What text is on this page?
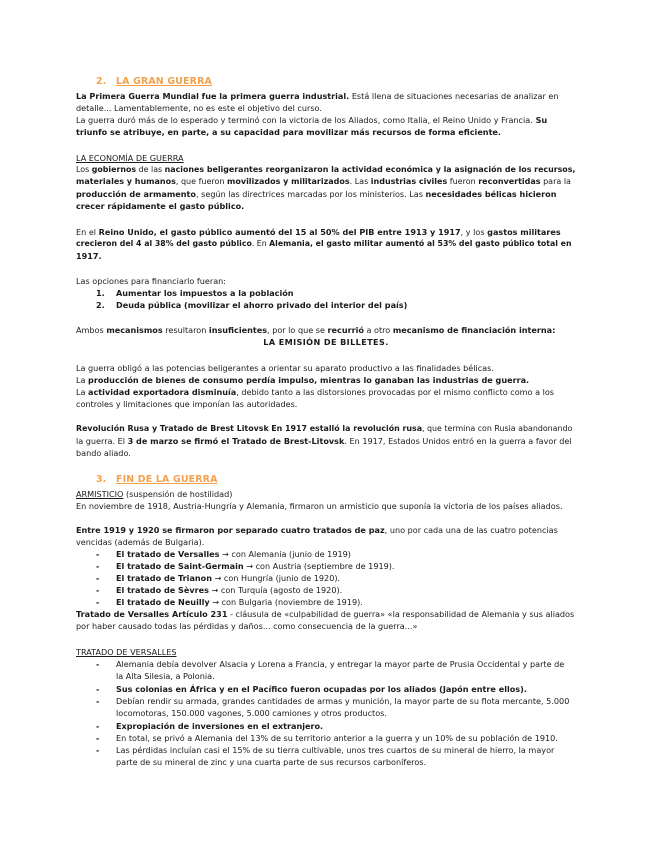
2. LA GRAN GUERRA
La Primera Guerra Mundial fue la primera guerra industrial. Está llena de situaciones necesarias de analizar en
detalle... Lamentablemente, no es este el objetivo del curso.
La guerra duró más de lo esperado y terminó con la victoria de los Aliados, como Italia, el Reino Unido y Francia. Su
triunfo se atribuye, en parte, a su capacidad para movilizar más recursos de forma eficiente.
LA ECONOMÍA DE GUERRA
Los gobiernos de las naciones beligerantes reorganizaron la actividad económica y la asignación de los recursos,
materiales y humanos, que fueron movilizados y militarizados. Las industrias civiles fueron reconvertidas para la
producción de armamento, según las directrices marcadas por los ministerios. Las necesidades bélicas hicieron
crecer rápidamente el gasto público.
En el Reino Unido, el gasto público aumentó del 15 al 50% del PIB entre 1913 y 1917, y los gastos militares
crecieron del 4 al 38% del gasto público. En Alemania, el gasto militar aumentó al 53% del gasto público total en
1917.
Las opciones para financiarlo fueran:
1. Aumentar los impuestos a la población
2. Deuda pública (movilizar el ahorro privado del interior del país)
Ambos mecanismos resultaron insuficientes, por lo que se recurrió a otro mecanismo de financiación interna:
LA EMISIÓN DE BILLETES.
La guerra obligó a las potencias beligerantes a orientar su aparato productivo a las finalidades bélicas.
La producción de bienes de consumo perdía impulso, mientras lo ganaban las industrias de guerra.
La actividad exportadora disminuía, debido tanto a las distorsiones provocadas por el mismo conflicto como a los
controles y limitaciones que imponían las autoridades.
Revolución Rusa y Tratado de Brest Litovsk En 1917 estalló la revolución rusa, que termina con Rusia abandonando
la guerra. El 3 de marzo se firmó el Tratado de Brest-Litovsk. En 1917, Estados Unidos entró en la guerra a favor del
bando aliado.
3. FIN DE LA GUERRA
ARMISTICIO (suspensión de hostilidad)
En noviembre de 1918, Austria-Hungría y Alemania, firmaron un armisticio que suponía la victoria de los países aliados.
Entre 1919 y 1920 se firmaron por separado cuatro tratados de paz, uno por cada una de las cuatro potencias
vencidas (además de Bulgaria).
- El tratado de Versalles → con Alemania (junio de 1919)
- El tratado de Saint-Germain → con Austria (septiembre de 1919).
- El tratado de Trianon → con Hungría (junio de 1920).
- El tratado de Sèvres → con Turquía (agosto de 1920).
- El tratado de Neuilly → con Bulgaria (noviembre de 1919).
Tratado de Versalles Artículo 231 - cláusula de «culpabilidad de guerra» «la responsabilidad de Alemania y sus aliados
por haber causado todas las pérdidas y daños... como consecuencia de la guerra...»
TRATADO DE VERSALLES
- Alemania debía devolver Alsacia y Lorena a Francia, y entregar la mayor parte de Prusia Occidental y parte de
la Alta Silesia, a Polonia.
- Sus colonias en África y en el Pacífico fueron ocupadas por los aliados (Japón entre ellos).
- Debían rendir su armada, grandes cantidades de armas y munición, la mayor parte de su flota mercante, 5.000
locomotoras, 150.000 vagones, 5.000 camiones y otros productos.
- Expropiación de inversiones en el extranjero.
- En total, se privó a Alemania del 13% de su territorio anterior a la guerra y un 10% de su población de 1910.
- Las pérdidas incluían casi el 15% de su tierra cultivable, unos tres cuartos de su mineral de hierro, la mayor
parte de su mineral de zinc y una cuarta parte de sus recursos carboníferos.
